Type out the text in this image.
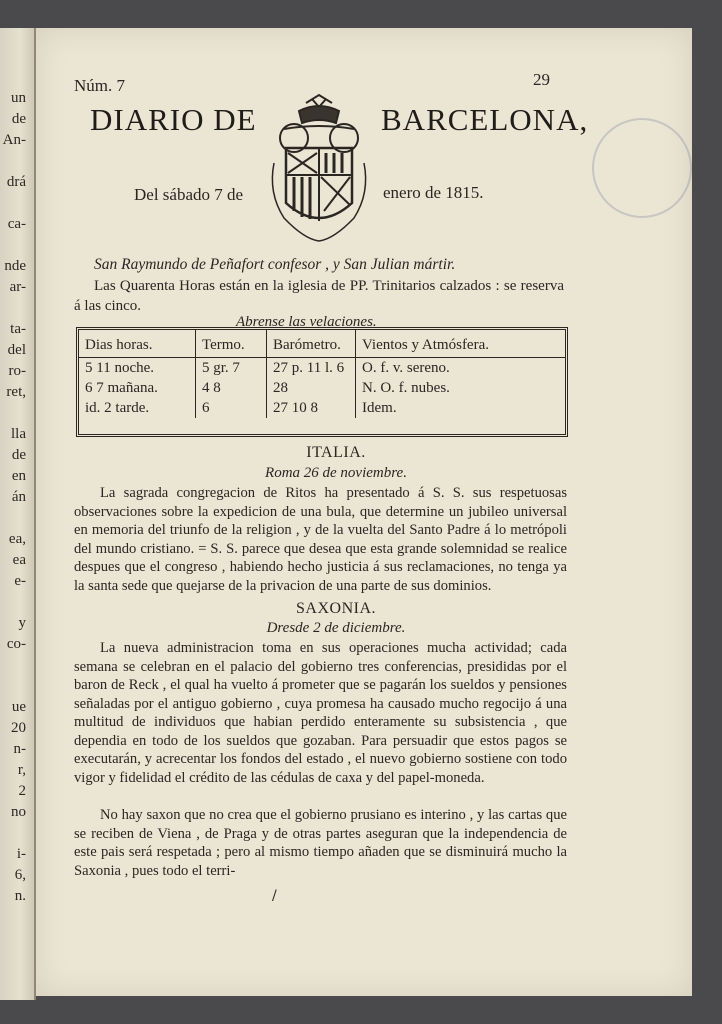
un
de
An-

drá

ca-

nde
ar-

ta-
del
ro-
ret,

lla
de
en
án

ea,
ea
e-

y
co-

ue
20
n-
r,
2
no

i-
6,
n.
Núm. 7	29
DIARIO DE	BARCELONA,
Del sábado 7 de	enero de 1815.
San Raymundo de Peñafort confesor , y San Julian mártir.
Las Quarenta Horas están en la iglesia de PP. Trinitarios calzados : se reserva á las cinco.
Abrense las velaciones.
Dias horas.	Termo.	Barómetro.	Vientos y Atmósfera.
5 11 noche.	5 gr. 7	27 p. 11 l. 6	O. f. v. sereno.
6 7 mañana.	4 8	28	N. O. f. nubes.
id. 2 tarde.	6	27 10 8	Idem.
ITALIA.
Roma 26 de noviembre.
La sagrada congregacion de Ritos ha presentado á S. S. sus respetuosas observaciones sobre la expedicion de una bula, que determine un jubileo universal en memoria del triunfo de la religion , y de la vuelta del Santo Padre á lo metrópoli del mundo cristiano. = S. S. parece que desea que esta grande solemnidad se realice despues que el congreso , habiendo hecho justicia á sus reclamaciones, no tenga ya la santa sede que quejarse de la privacion de una parte de sus dominios.
SAXONIA.
Dresde 2 de diciembre.
La nueva administracion toma en sus operaciones mucha actividad; cada semana se celebran en el palacio del gobierno tres conferencias, presididas por el baron de Reck , el qual ha vuelto á prometer que se pagarán los sueldos y pensiones señaladas por el antiguo gobierno , cuya promesa ha causado mucho regocijo á una multitud de individuos que habian perdido enteramente su subsistencia , que dependia en todo de los sueldos que gozaban. Para persuadir que estos pagos se executarán, y acrecentar los fondos del estado , el nuevo gobierno sostiene con todo vigor y fidelidad el crédito de las cédulas de caxa y del papel-moneda.
No hay saxon que no crea que el gobierno prusiano es interino , y las cartas que se reciben de Viena , de Praga y de otras partes aseguran que la independencia de este pais será respetada ; pero al mismo tiempo añaden que se disminuirá mucho la Saxonia , pues todo el terri-
/
